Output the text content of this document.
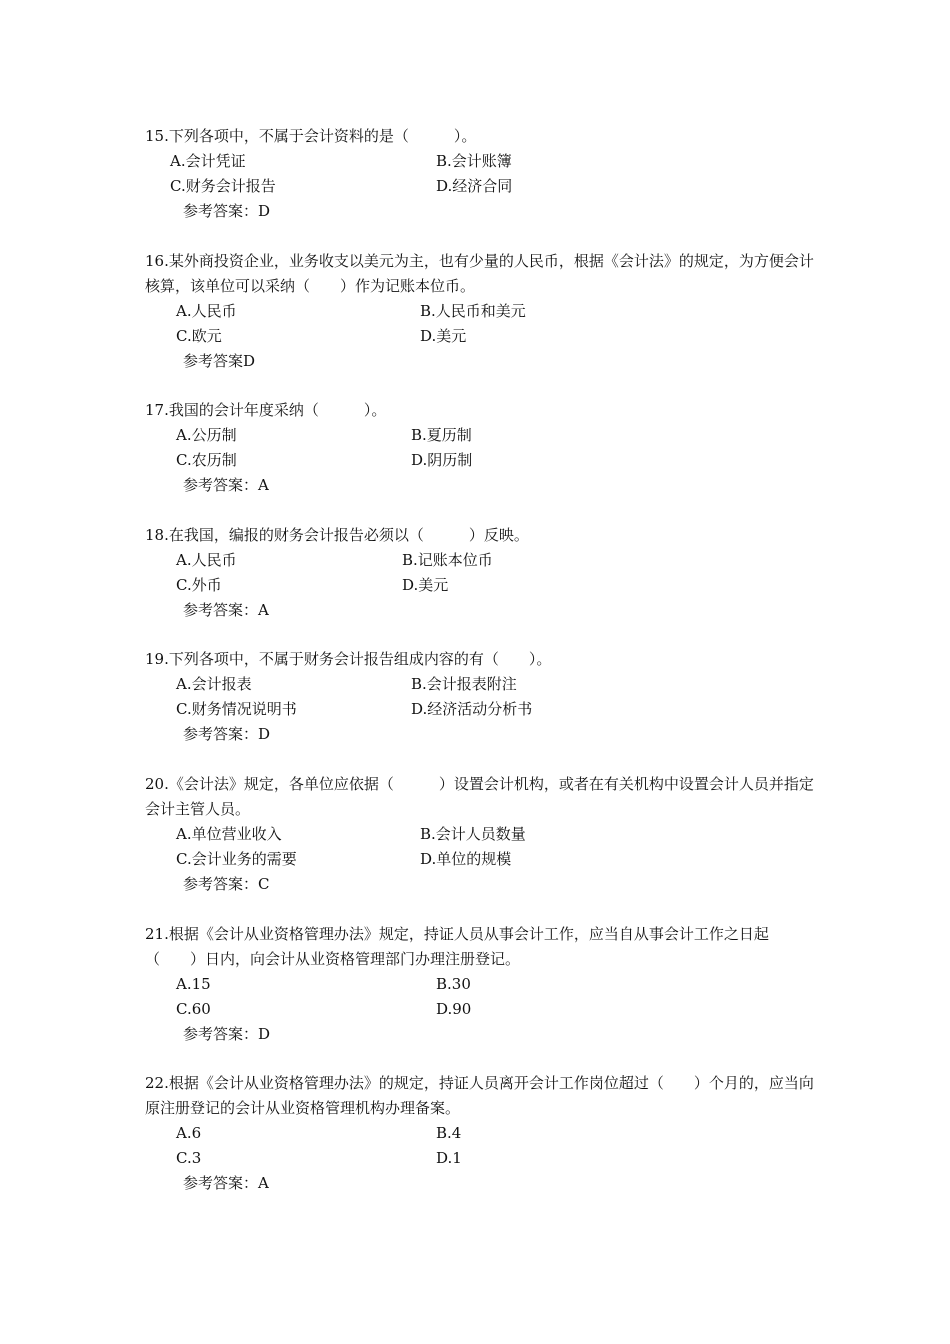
15.下列各项中，不属于会计资料的是（　　　）。

A.会计凭证	B.会计账簿
C.财务会计报告	D.经济合同
参考答案：D

16.某外商投资企业，业务收支以美元为主，也有少量的人民币，根据《会计法》的规定，为方便会计核算，该单位可以采纳（　　）作为记账本位币。

A.人民币	B.人民币和美元
C.欧元	D.美元
参考答案D

17.我国的会计年度采纳（　　　）。

A.公历制	B.夏历制
C.农历制	D.阴历制
参考答案：A

18.在我国，编报的财务会计报告必须以（　　　）反映。

A.人民币	B.记账本位币
C.外币	D.美元
参考答案：A

19.下列各项中，不属于财务会计报告组成内容的有（　　）。

A.会计报表	B.会计报表附注
C.财务情况说明书	D.经济活动分析书
参考答案：D

20.《会计法》规定，各单位应依据（　　　）设置会计机构，或者在有关机构中设置会计人员并指定会计主管人员。

A.单位营业收入	B.会计人员数量
C.会计业务的需要	D.单位的规模
参考答案：C

21.根据《会计从业资格管理办法》规定，持证人员从事会计工作，应当自从事会计工作之日起（　　）日内，向会计从业资格管理部门办理注册登记。

A.15	B.30
C.60	D.90
参考答案：D

22.根据《会计从业资格管理办法》的规定，持证人员离开会计工作岗位超过（　　）个月的，应当向原注册登记的会计从业资格管理机构办理备案。

A.6	B.4
C.3	D.1
参考答案：A
